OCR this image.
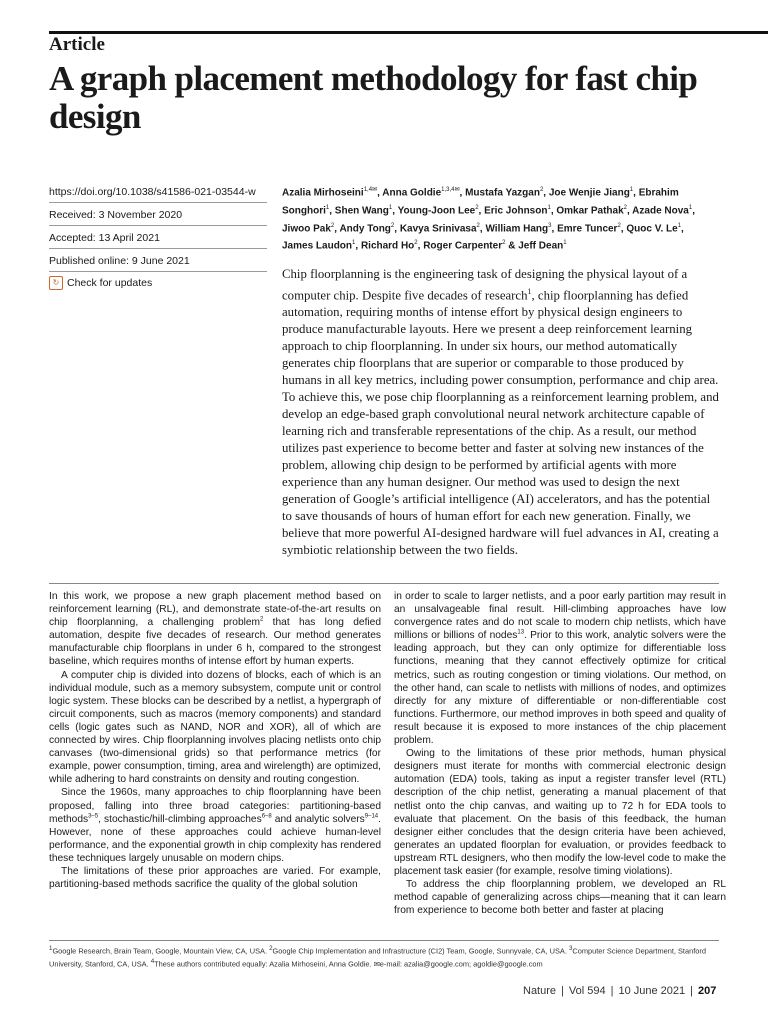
Article
A graph placement methodology for fast chip design
https://doi.org/10.1038/s41586-021-03544-w
Received: 3 November 2020
Accepted: 13 April 2021
Published online: 9 June 2021
↻ Check for updates
Azalia Mirhoseini$^{1,4✉}$, Anna Goldie$^{1,3,4✉}$, Mustafa Yazgan$^2$, Joe Wenjie Jiang$^1$, Ebrahim Songhori$^1$, Shen Wang$^1$, Young-Joon Lee$^2$, Eric Johnson$^1$, Omkar Pathak$^2$, Azade Nova$^1$, Jiwoo Pak$^2$, Andy Tong$^2$, Kavya Srinivasa$^2$, William Hang$^3$, Emre Tuncer$^2$, Quoc V. Le$^1$, James Laudon$^1$, Richard Ho$^2$, Roger Carpenter$^2$ & Jeff Dean$^1$
Chip floorplanning is the engineering task of designing the physical layout of a computer chip. Despite five decades of research$^1$, chip floorplanning has defied automation, requiring months of intense effort by physical design engineers to produce manufacturable layouts. Here we present a deep reinforcement learning approach to chip floorplanning. In under six hours, our method automatically generates chip floorplans that are superior or comparable to those produced by humans in all key metrics, including power consumption, performance and chip area. To achieve this, we pose chip floorplanning as a reinforcement learning problem, and develop an edge-based graph convolutional neural network architecture capable of learning rich and transferable representations of the chip. As a result, our method utilizes past experience to become better and faster at solving new instances of the problem, allowing chip design to be performed by artificial agents with more experience than any human designer. Our method was used to design the next generation of Google’s artificial intelligence (AI) accelerators, and has the potential to save thousands of hours of human effort for each new generation. Finally, we believe that more powerful AI-designed hardware will fuel advances in AI, creating a symbiotic relationship between the two fields.

In this work, we propose a new graph placement method based on reinforcement learning (RL), and demonstrate state-of-the-art results on chip floorplanning, a challenging problem$^2$ that has long defied automation, despite five decades of research. Our method generates manufacturable chip floorplans in under 6 h, compared to the strongest baseline, which requires months of intense effort by human experts.

A computer chip is divided into dozens of blocks, each of which is an individual module, such as a memory subsystem, compute unit or control logic system. These blocks can be described by a netlist, a hypergraph of circuit components, such as macros (memory components) and standard cells (logic gates such as NAND, NOR and XOR), all of which are connected by wires. Chip floorplanning involves placing netlists onto chip canvases (two-dimensional grids) so that performance metrics (for example, power consumption, timing, area and wirelength) are optimized, while adhering to hard constraints on density and routing congestion.

Since the 1960s, many approaches to chip floorplanning have been proposed, falling into three broad categories: partitioning-based methods$^{3-5}$, stochastic/hill-climbing approaches$^{6-8}$ and analytic solvers$^{9-14}$. However, none of these approaches could achieve human-level performance, and the exponential growth in chip complexity has rendered these techniques largely unusable on modern chips.

The limitations of these prior approaches are varied. For example, partitioning-based methods sacrifice the quality of the global solution

in order to scale to larger netlists, and a poor early partition may result in an unsalvageable final result. Hill-climbing approaches have low convergence rates and do not scale to modern chip netlists, which have millions or billions of nodes$^{13}$. Prior to this work, analytic solvers were the leading approach, but they can only optimize for differentiable loss functions, meaning that they cannot effectively optimize for critical metrics, such as routing congestion or timing violations. Our method, on the other hand, can scale to netlists with millions of nodes, and optimizes directly for any mixture of differentiable or non-differentiable cost functions. Furthermore, our method improves in both speed and quality of result because it is exposed to more instances of the chip placement problem.

Owing to the limitations of these prior methods, human physical designers must iterate for months with commercial electronic design automation (EDA) tools, taking as input a register transfer level (RTL) description of the chip netlist, generating a manual placement of that netlist onto the chip canvas, and waiting up to 72 h for EDA tools to evaluate that placement. On the basis of this feedback, the human designer either concludes that the design criteria have been achieved, generates an updated floorplan for evaluation, or provides feedback to upstream RTL designers, who then modify the low-level code to make the placement task easier (for example, resolve timing violations).

To address the chip floorplanning problem, we developed an RL method capable of generalizing across chips—meaning that it can learn from experience to become both better and faster at placing

$^1$Google Research, Brain Team, Google, Mountain View, CA, USA. $^2$Google Chip Implementation and Infrastructure (CI2) Team, Google, Sunnyvale, CA, USA. $^3$Computer Science Department, Stanford University, Stanford, CA, USA. $^4$These authors contributed equally: Azalia Mirhoseini, Anna Goldie. ✉e-mail: azalia@google.com; agoldie@google.com
Nature | Vol 594 | 10 June 2021 | 207
